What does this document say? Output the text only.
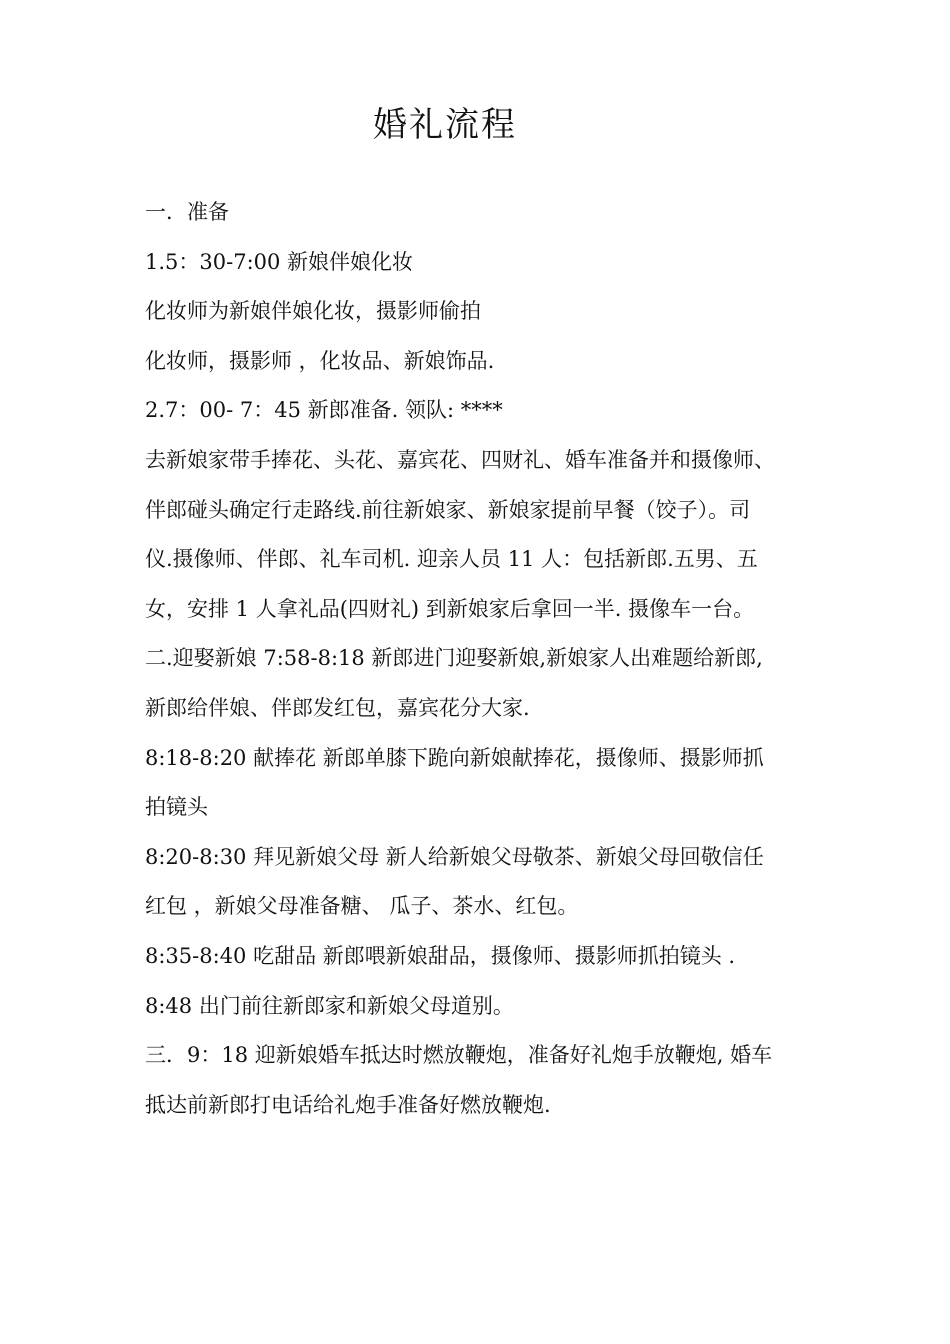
婚礼流程
一．准备
1.5：30-7:00 新娘伴娘化妆
化妆师为新娘伴娘化妆，摄影师偷拍
化妆师，摄影师 ，化妆品、新娘饰品.
2.7：00- 7：45 新郎准备. 领队: ****
去新娘家带手捧花、头花、嘉宾花、四财礼、婚车准备并和摄像师、
伴郎碰头确定行走路线.前往新娘家、新娘家提前早餐（饺子）。司
仪.摄像师、伴郎、礼车司机. 迎亲人员 11 人：包括新郎.五男、五
女，安排 1 人拿礼品(四财礼) 到新娘家后拿回一半. 摄像车一台。
二.迎娶新娘 7:58-8:18 新郎进门迎娶新娘,新娘家人出难题给新郎,
新郎给伴娘、伴郎发红包，嘉宾花分大家.
8:18-8:20 献捧花 新郎单膝下跪向新娘献捧花，摄像师、摄影师抓
拍镜头
8:20-8:30 拜见新娘父母 新人给新娘父母敬茶、新娘父母回敬信任
红包 ，新娘父母准备糖、 瓜子、茶水、红包。
8:35-8:40 吃甜品 新郎喂新娘甜品，摄像师、摄影师抓拍镜头 .
8:48 出门前往新郎家和新娘父母道别。
三．9：18 迎新娘婚车抵达时燃放鞭炮，准备好礼炮手放鞭炮, 婚车
抵达前新郎打电话给礼炮手准备好燃放鞭炮.
